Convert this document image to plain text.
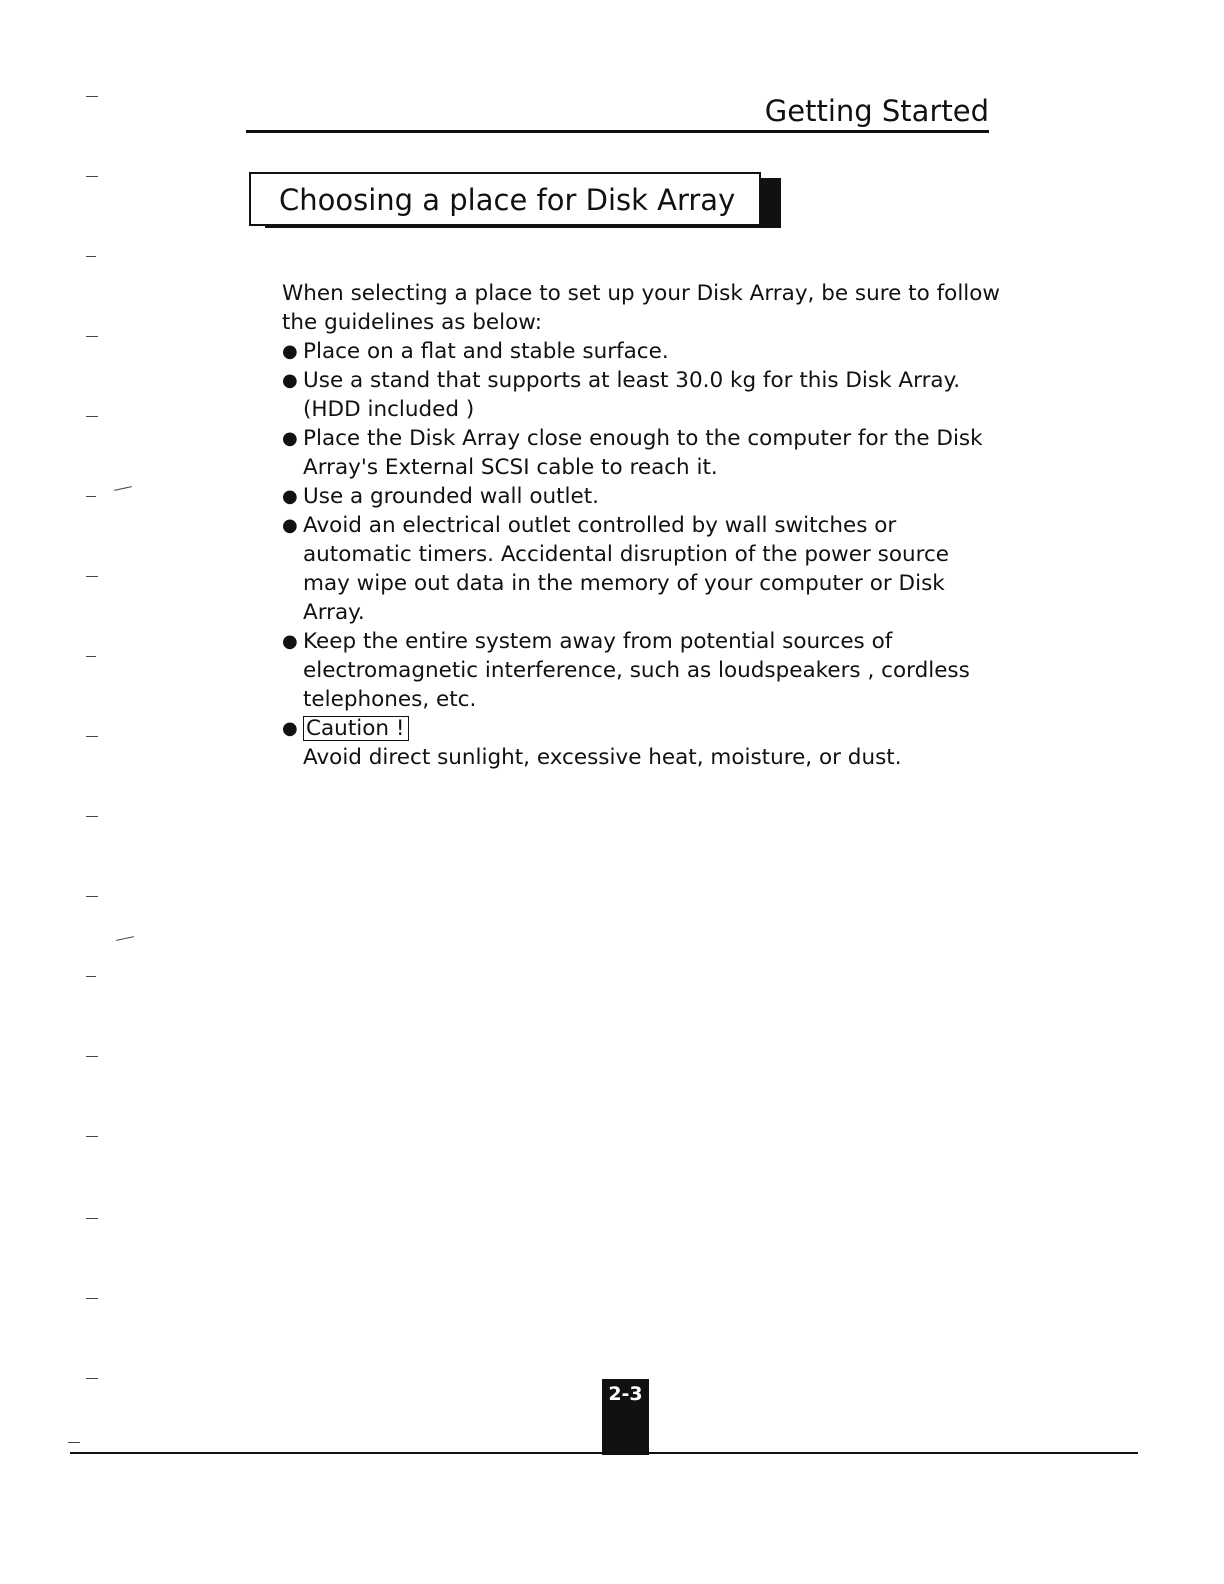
Getting Started
Choosing a place for Disk Array

When selecting a place to set up your Disk Array, be sure to follow the guidelines as below:

● Place on a flat and stable surface.
● Use a stand that supports at least 30.0 kg for this Disk Array. (HDD included )
● Place the Disk Array close enough to the computer for the Disk Array's External SCSI cable to reach it.
● Use a grounded wall outlet.
● Avoid an electrical outlet controlled by wall switches or automatic timers. Accidental disruption of the power source may wipe out data in the memory of your computer or Disk Array.
● Keep the entire system away from potential sources of electromagnetic interference, such as loudspeakers , cordless telephones, etc.
● Caution !
Avoid direct sunlight, excessive heat, moisture, or dust.
2-3
